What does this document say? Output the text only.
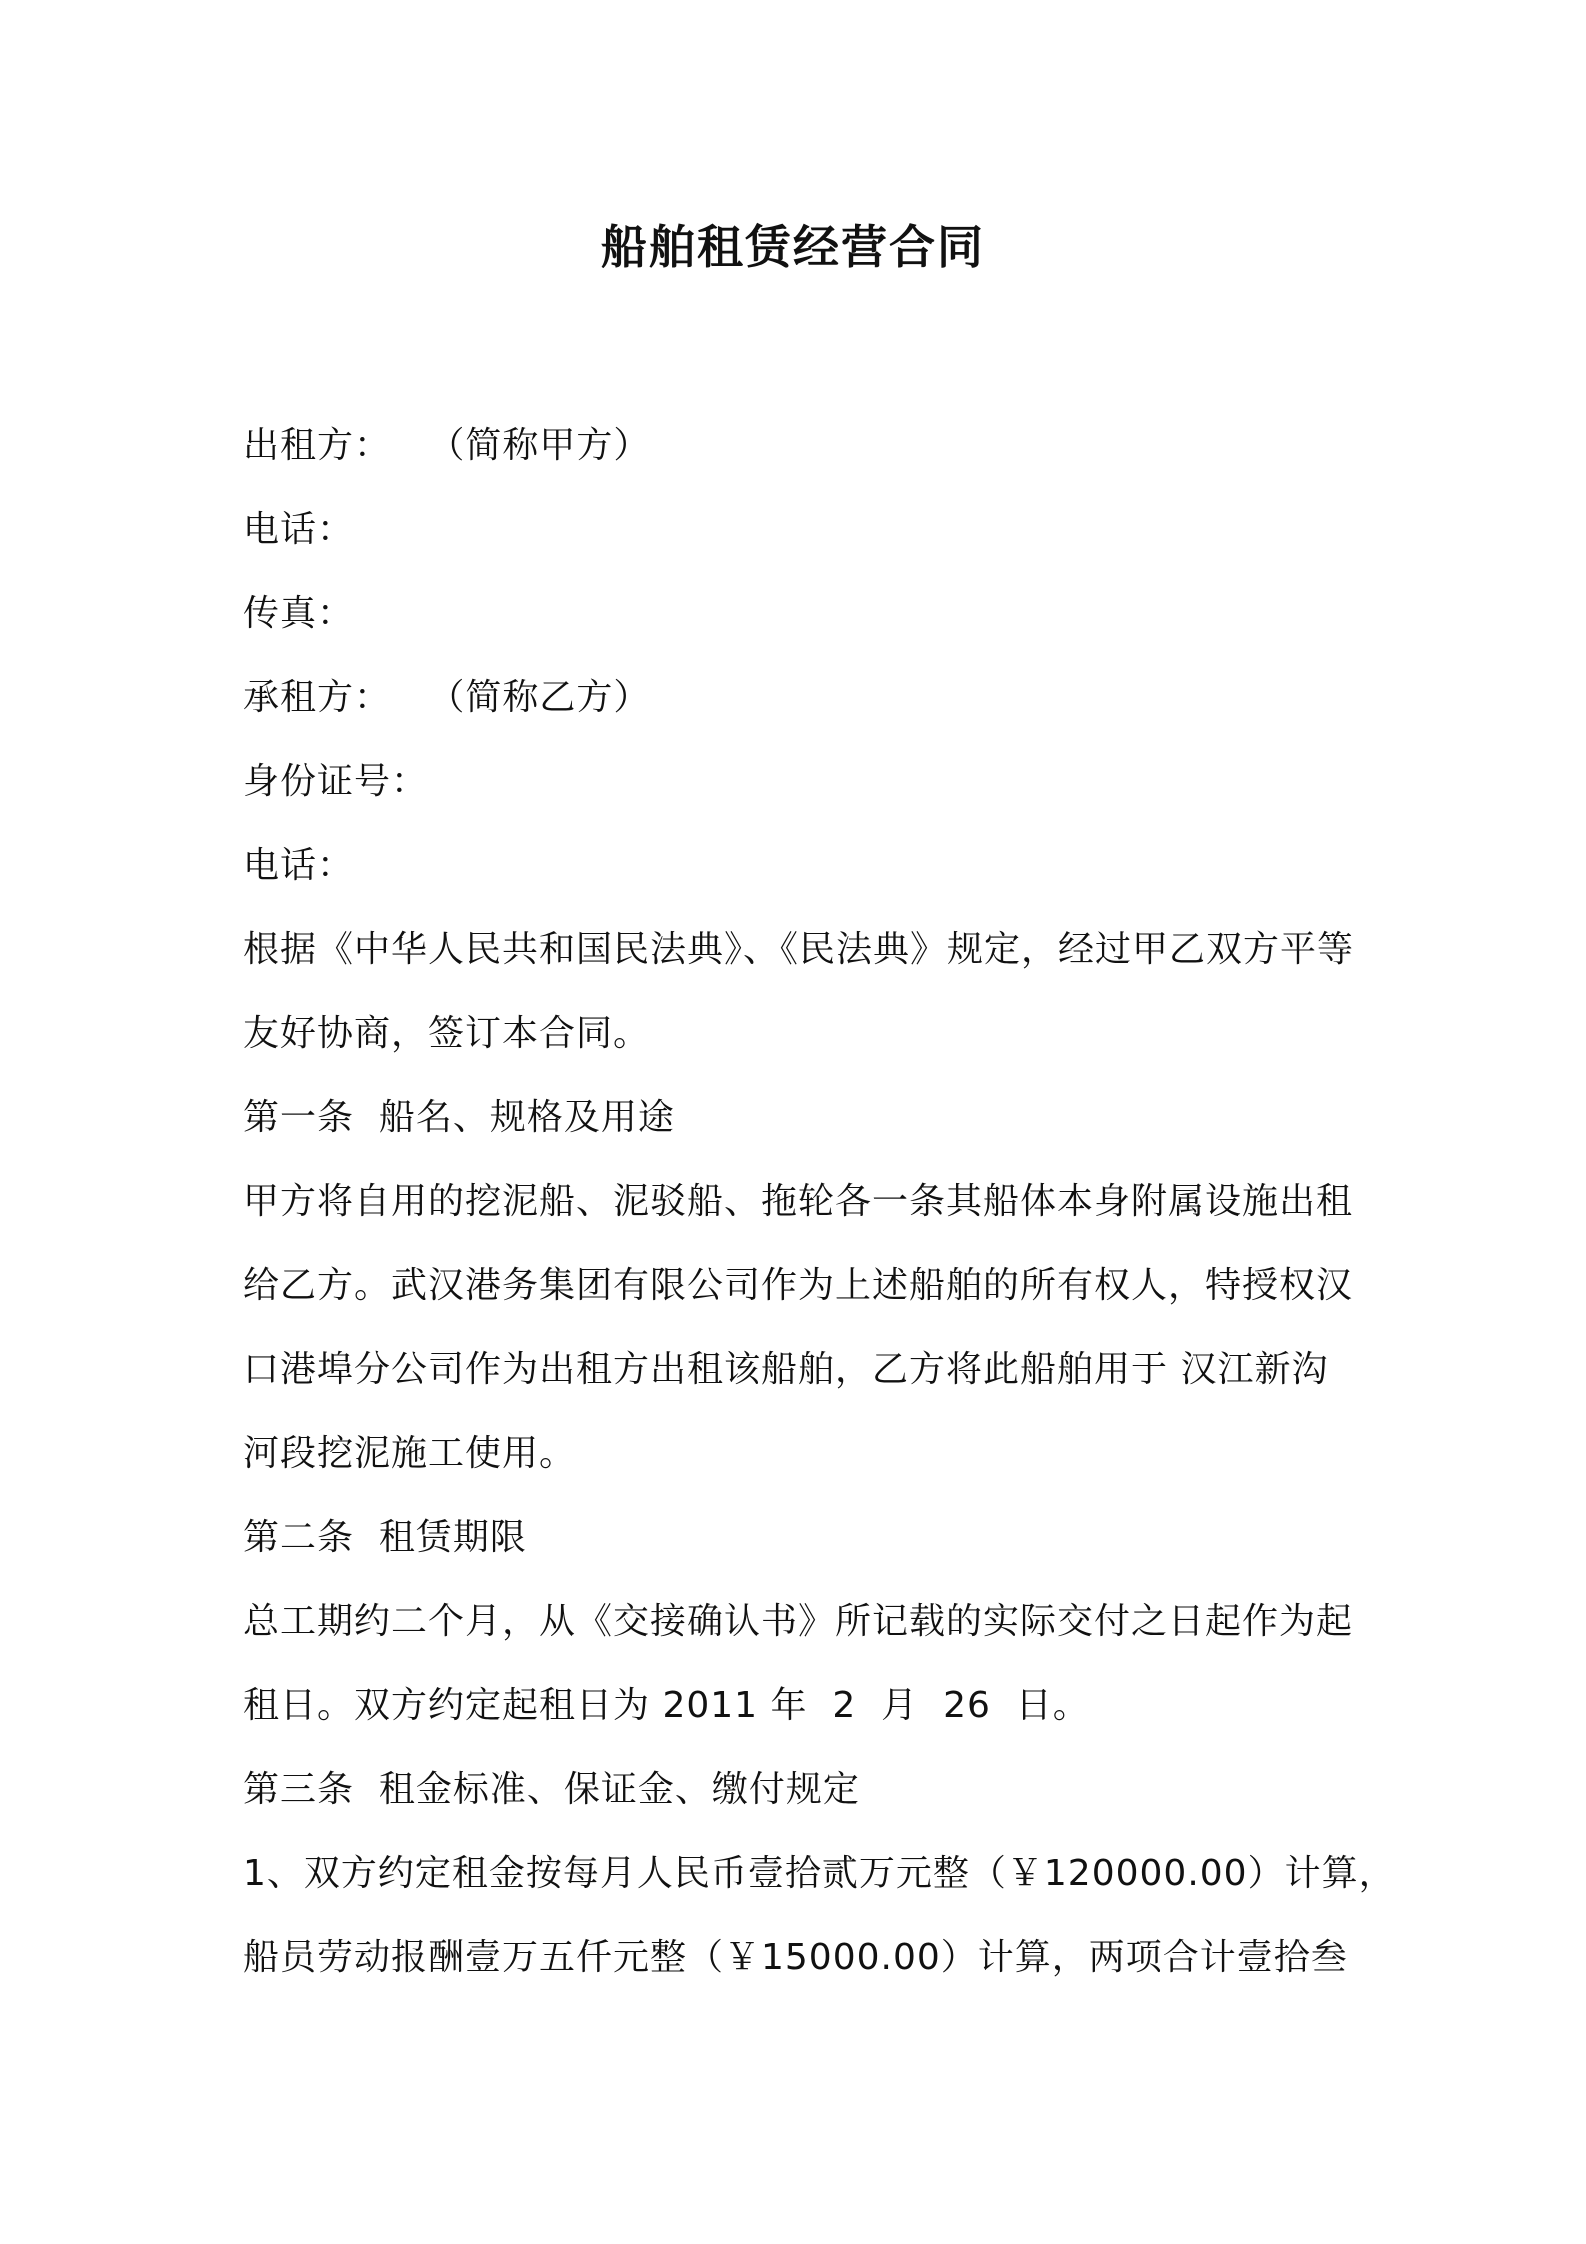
船舶租赁经营合同
出租方：   （简称甲方）
电话：
传真：
承租方：   （简称乙方）
身份证号：
电话：
根据《中华人民共和国民法典》、《民法典》规定，经过甲乙双方平等
友好协商，签订本合同。
第一条  船名、规格及用途
甲方将自用的挖泥船、泥驳船、拖轮各一条其船体本身附属设施出租
给乙方。武汉港务集团有限公司作为上述船舶的所有权人，特授权汉
口港埠分公司作为出租方出租该船舶，乙方将此船舶用于 汉江新沟
河段挖泥施工使用。
第二条  租赁期限
总工期约二个月，从《交接确认书》所记载的实际交付之日起作为起
租日。双方约定起租日为 2011 年  2  月  26  日。
第三条  租金标准、保证金、缴付规定
1、双方约定租金按每月人民币壹拾贰万元整（￥120000.00）计算，
船员劳动报酬壹万五仟元整（￥15000.00）计算，两项合计壹拾叁
